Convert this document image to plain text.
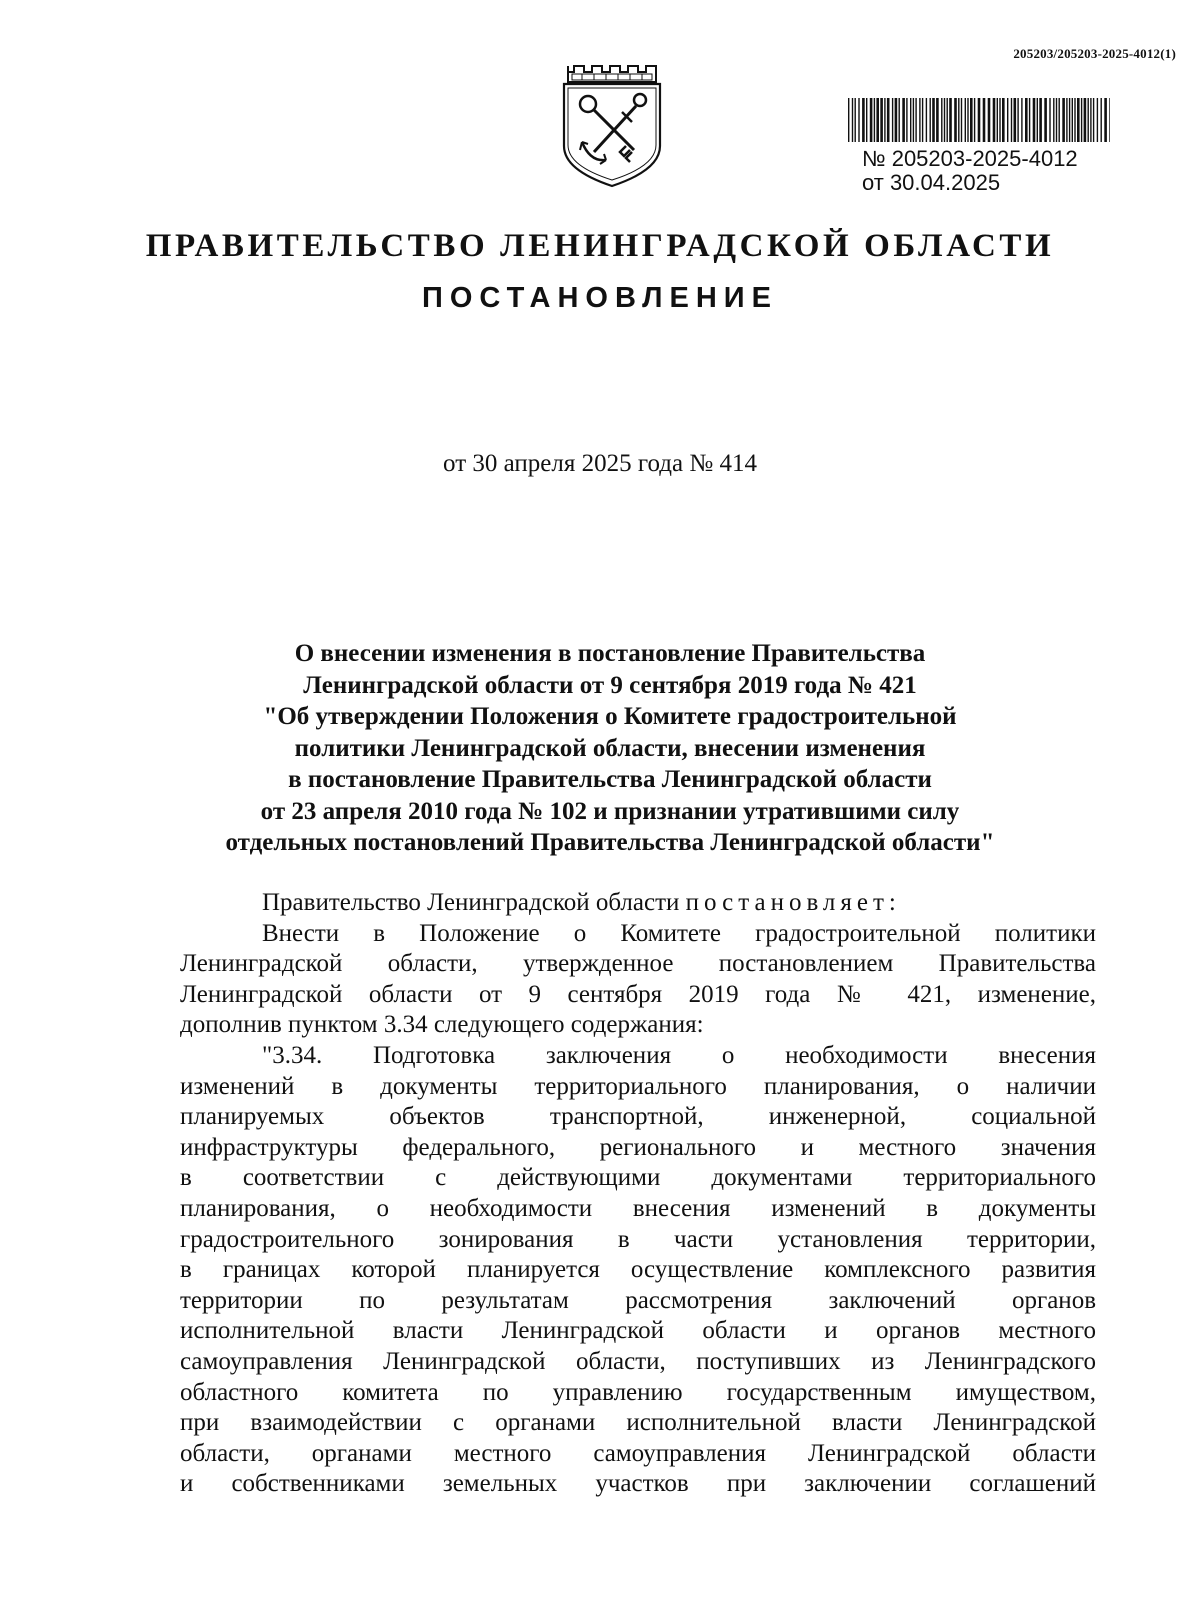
205203/205203-2025-4012(1)
№ 205203-2025-4012
от 30.04.2025
ПРАВИТЕЛЬСТВО ЛЕНИНГРАДСКОЙ ОБЛАСТИ
ПОСТАНОВЛЕНИЕ
от 30 апреля 2025 года № 414
О внесении изменения в постановление Правительства
Ленинградской области от 9 сентября 2019 года № 421
"Об утверждении Положения о Комитете градостроительной
политики Ленинградской области, внесении изменения
в постановление Правительства Ленинградской области
от 23 апреля 2010 года № 102 и признании утратившими силу
отдельных постановлений Правительства Ленинградской области"
Правительство Ленинградской области постановляет:
Внести в Положение о Комитете градостроительной политики
Ленинградской области, утвержденное постановлением Правительства
Ленинградской области от 9 сентября 2019 года № 421, изменение,
дополнив пунктом 3.34 следующего содержания:
"3.34. Подготовка заключения о необходимости внесения
изменений в документы территориального планирования, о наличии
планируемых объектов транспортной, инженерной, социальной
инфраструктуры федерального, регионального и местного значения
в соответствии с действующими документами территориального
планирования, о необходимости внесения изменений в документы
градостроительного зонирования в части установления территории,
в границах которой планируется осуществление комплексного развития
территории по результатам рассмотрения заключений органов
исполнительной власти Ленинградской области и органов местного
самоуправления Ленинградской области, поступивших из Ленинградского
областного комитета по управлению государственным имуществом,
при взаимодействии с органами исполнительной власти Ленинградской
области, органами местного самоуправления Ленинградской области
и собственниками земельных участков при заключении соглашений
